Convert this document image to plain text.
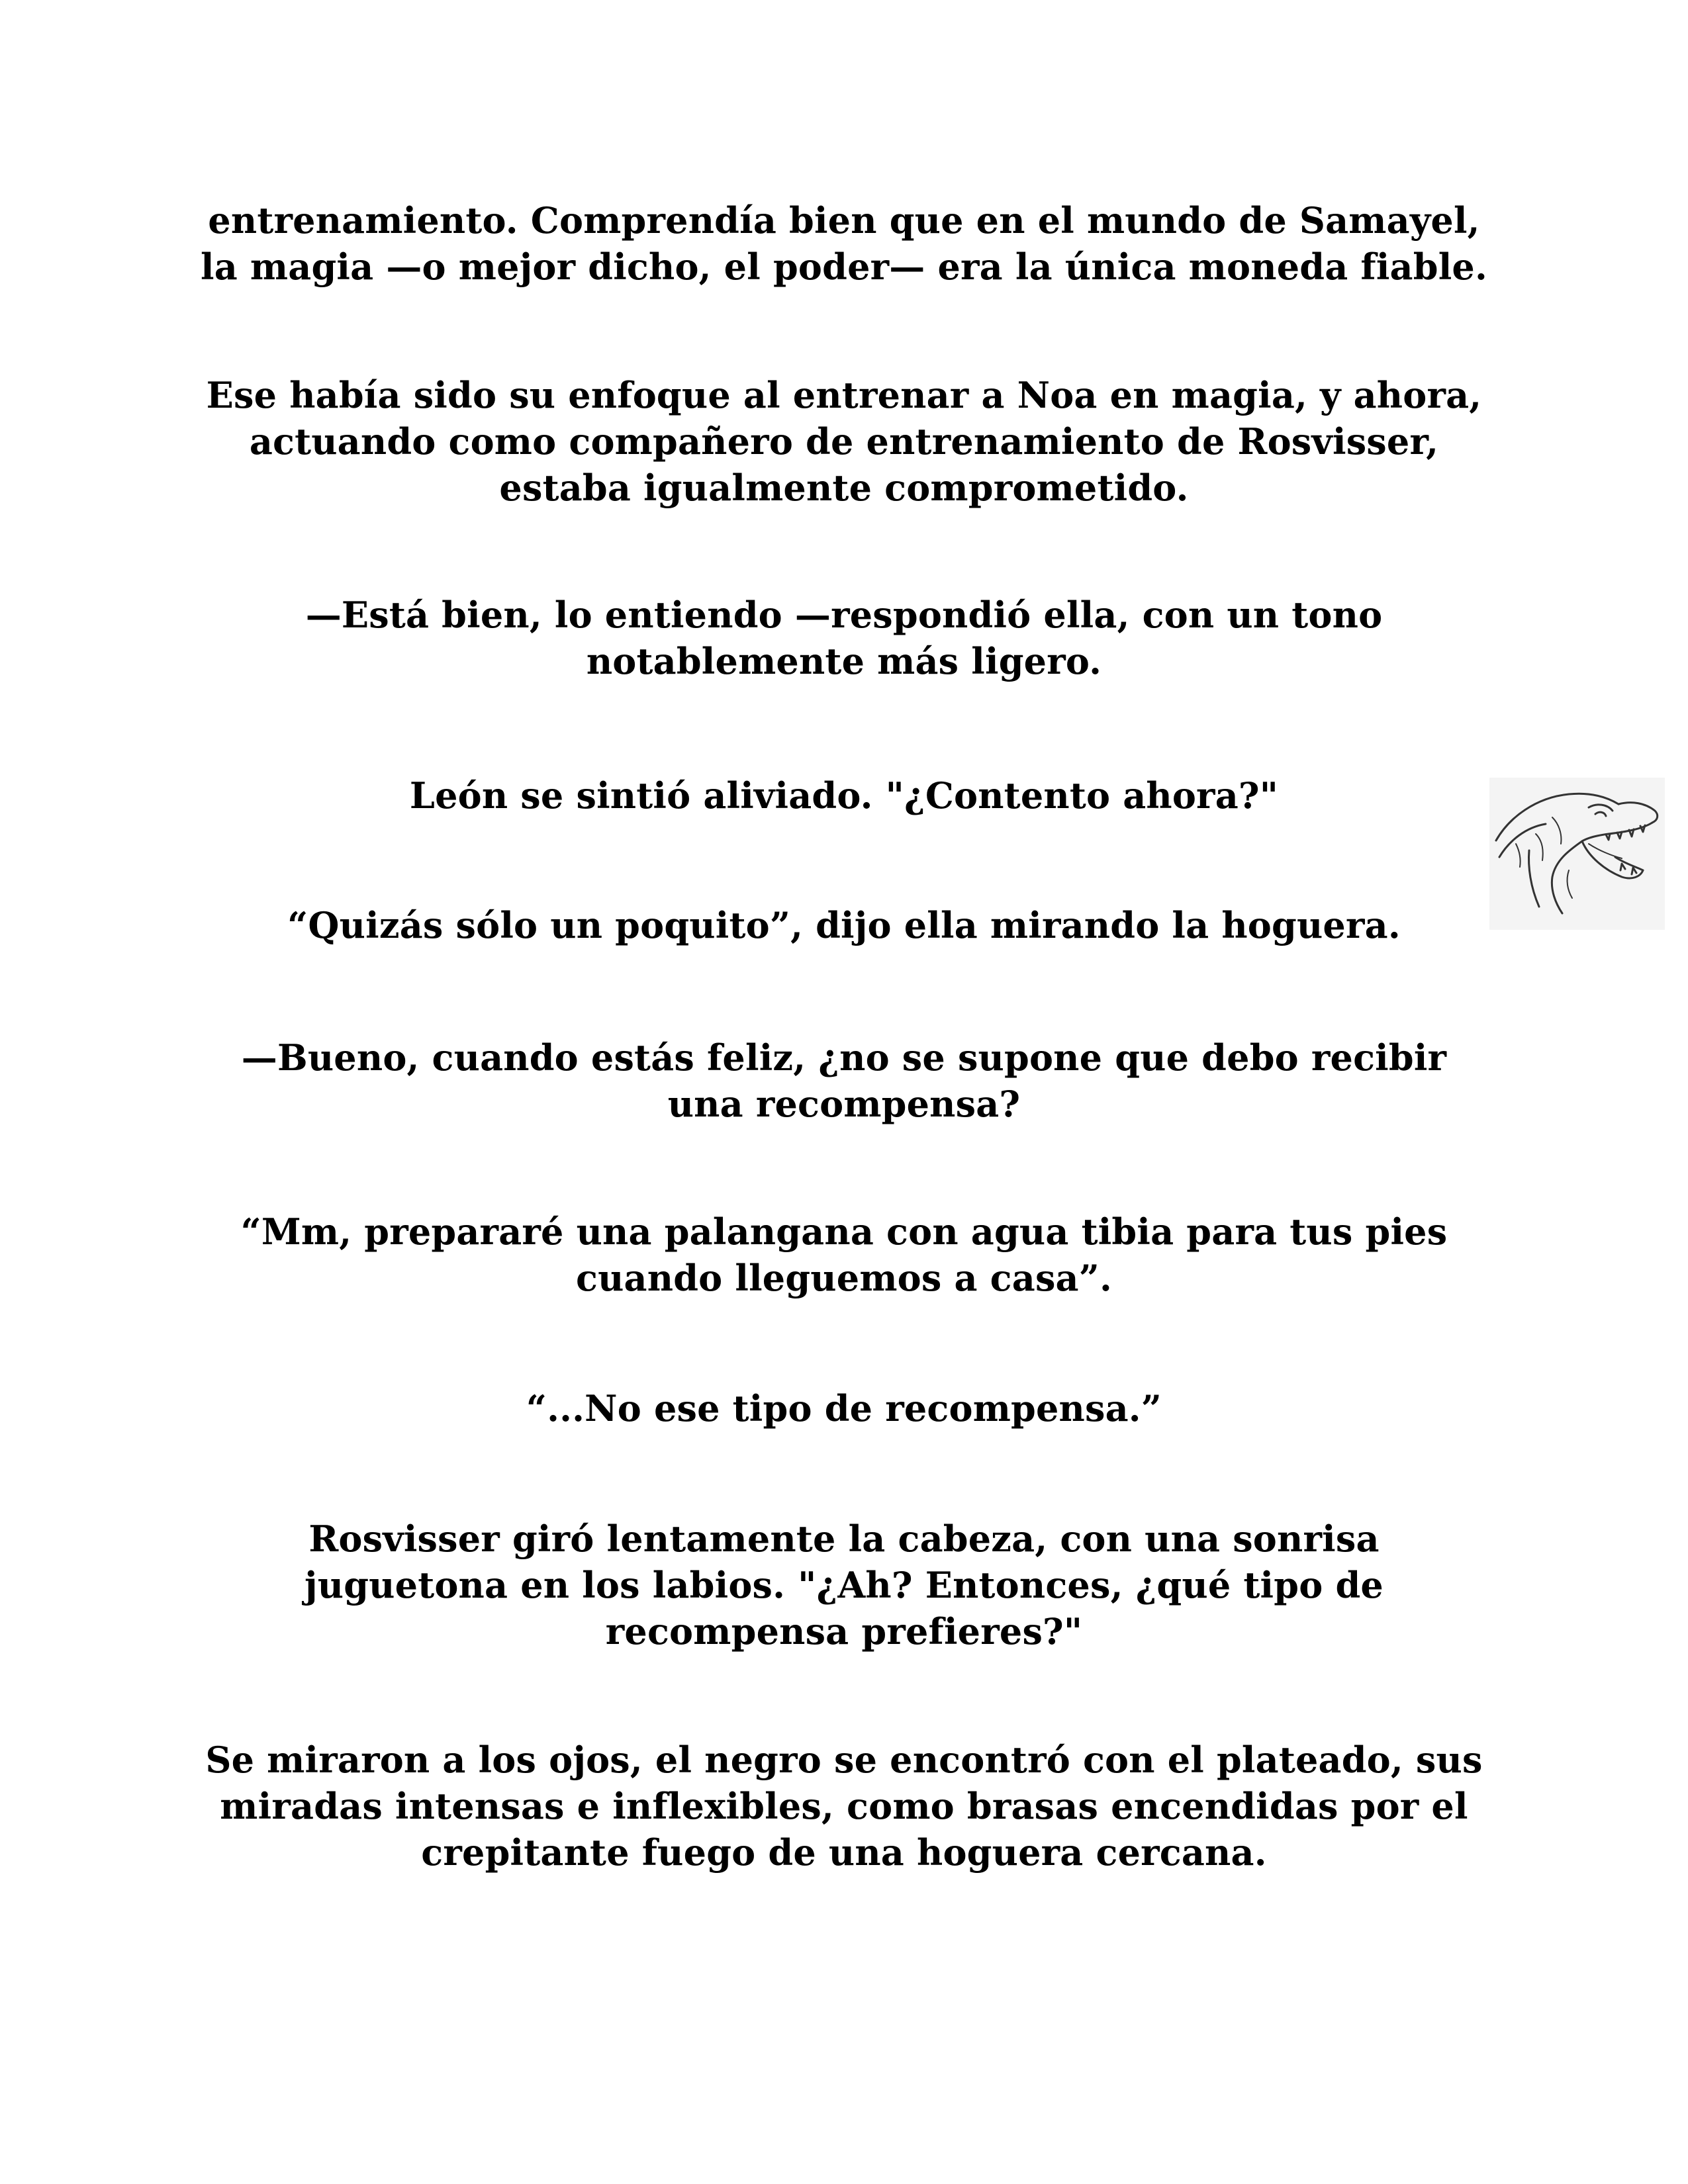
entrenamiento. Comprendía bien que en el mundo de Samayel,
la magia —o mejor dicho, el poder— era la única moneda fiable.
Ese había sido su enfoque al entrenar a Noa en magia, y ahora,
actuando como compañero de entrenamiento de Rosvisser,
estaba igualmente comprometido.
—Está bien, lo entiendo —respondió ella, con un tono
notablemente más ligero.
León se sintió aliviado. "¿Contento ahora?"
“Quizás sólo un poquito”, dijo ella mirando la hoguera.
—Bueno, cuando estás feliz, ¿no se supone que debo recibir
una recompensa?
“Mm, prepararé una palangana con agua tibia para tus pies
cuando lleguemos a casa”.
“...No ese tipo de recompensa.”
Rosvisser giró lentamente la cabeza, con una sonrisa
juguetona en los labios. "¿Ah? Entonces, ¿qué tipo de
recompensa prefieres?"
Se miraron a los ojos, el negro se encontró con el plateado, sus
miradas intensas e inflexibles, como brasas encendidas por el
crepitante fuego de una hoguera cercana.
